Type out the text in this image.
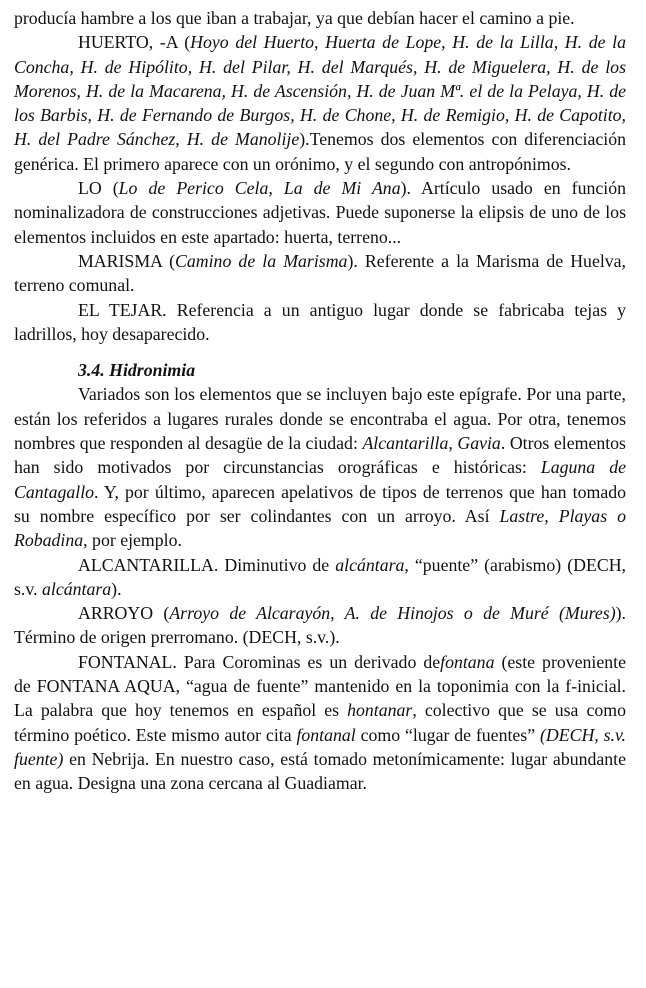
producía hambre a los que iban a trabajar, ya que debían hacer el camino a pie.

HUERTO, -A (Hoyo del Huerto, Huerta de Lope, H. de la Lilla, H. de la Concha, H. de Hipólito, H. del Pilar, H. del Marqués, H. de Miguelera, H. de los Morenos, H. de la Macarena, H. de Ascensión, H. de Juan Mª. el de la Pelaya, H. de los Barbis, H. de Fernando de Burgos, H. de Chone, H. de Remigio, H. de Capotito, H. del Padre Sánchez, H. de Manolije).Tenemos dos elementos con diferenciación genérica. El primero aparece con un orónimo, y el segundo con antropónimos.

LO (Lo de Perico Cela, La de Mi Ana). Artículo usado en función nominalizadora de construcciones adjetivas. Puede suponerse la elipsis de uno de los elementos incluidos en este apartado: huerta, terreno...

MARISMA (Camino de la Marisma). Referente a la Marisma de Huelva, terreno comunal.

EL TEJAR. Referencia a un antiguo lugar donde se fabricaba tejas y ladrillos, hoy desaparecido.

3.4. Hidronimia

Variados son los elementos que se incluyen bajo este epígrafe. Por una parte, están los referidos a lugares rurales donde se encontraba el agua. Por otra, tenemos nombres que responden al desagüe de la ciudad: Alcantarilla, Gavia. Otros elementos han sido motivados por circunstancias orográficas e históricas: Laguna de Cantagallo. Y, por último, aparecen apelativos de tipos de terrenos que han tomado su nombre específico por ser colindantes con un arroyo. Así Lastre, Playas o Robadina, por ejemplo.

ALCANTARILLA. Diminutivo de alcántara, “puente” (arabismo) (DECH, s.v. alcántara).

ARROYO (Arroyo de Alcarayón, A. de Hinojos o de Muré (Mures)). Término de origen prerromano. (DECH, s.v.).

FONTANAL. Para Corominas es un derivado defontana (este proveniente de FONTANA AQUA, “agua de fuente” mantenido en la toponimia con la f-inicial. La palabra que hoy tenemos en español es hontanar, colectivo que se usa como término poético. Este mismo autor cita fontanal como “lugar de fuentes” (DECH, s.v. fuente) en Nebrija. En nuestro caso, está tomado metonímicamente: lugar abundante en agua. Designa una zona cercana al Guadiamar.
